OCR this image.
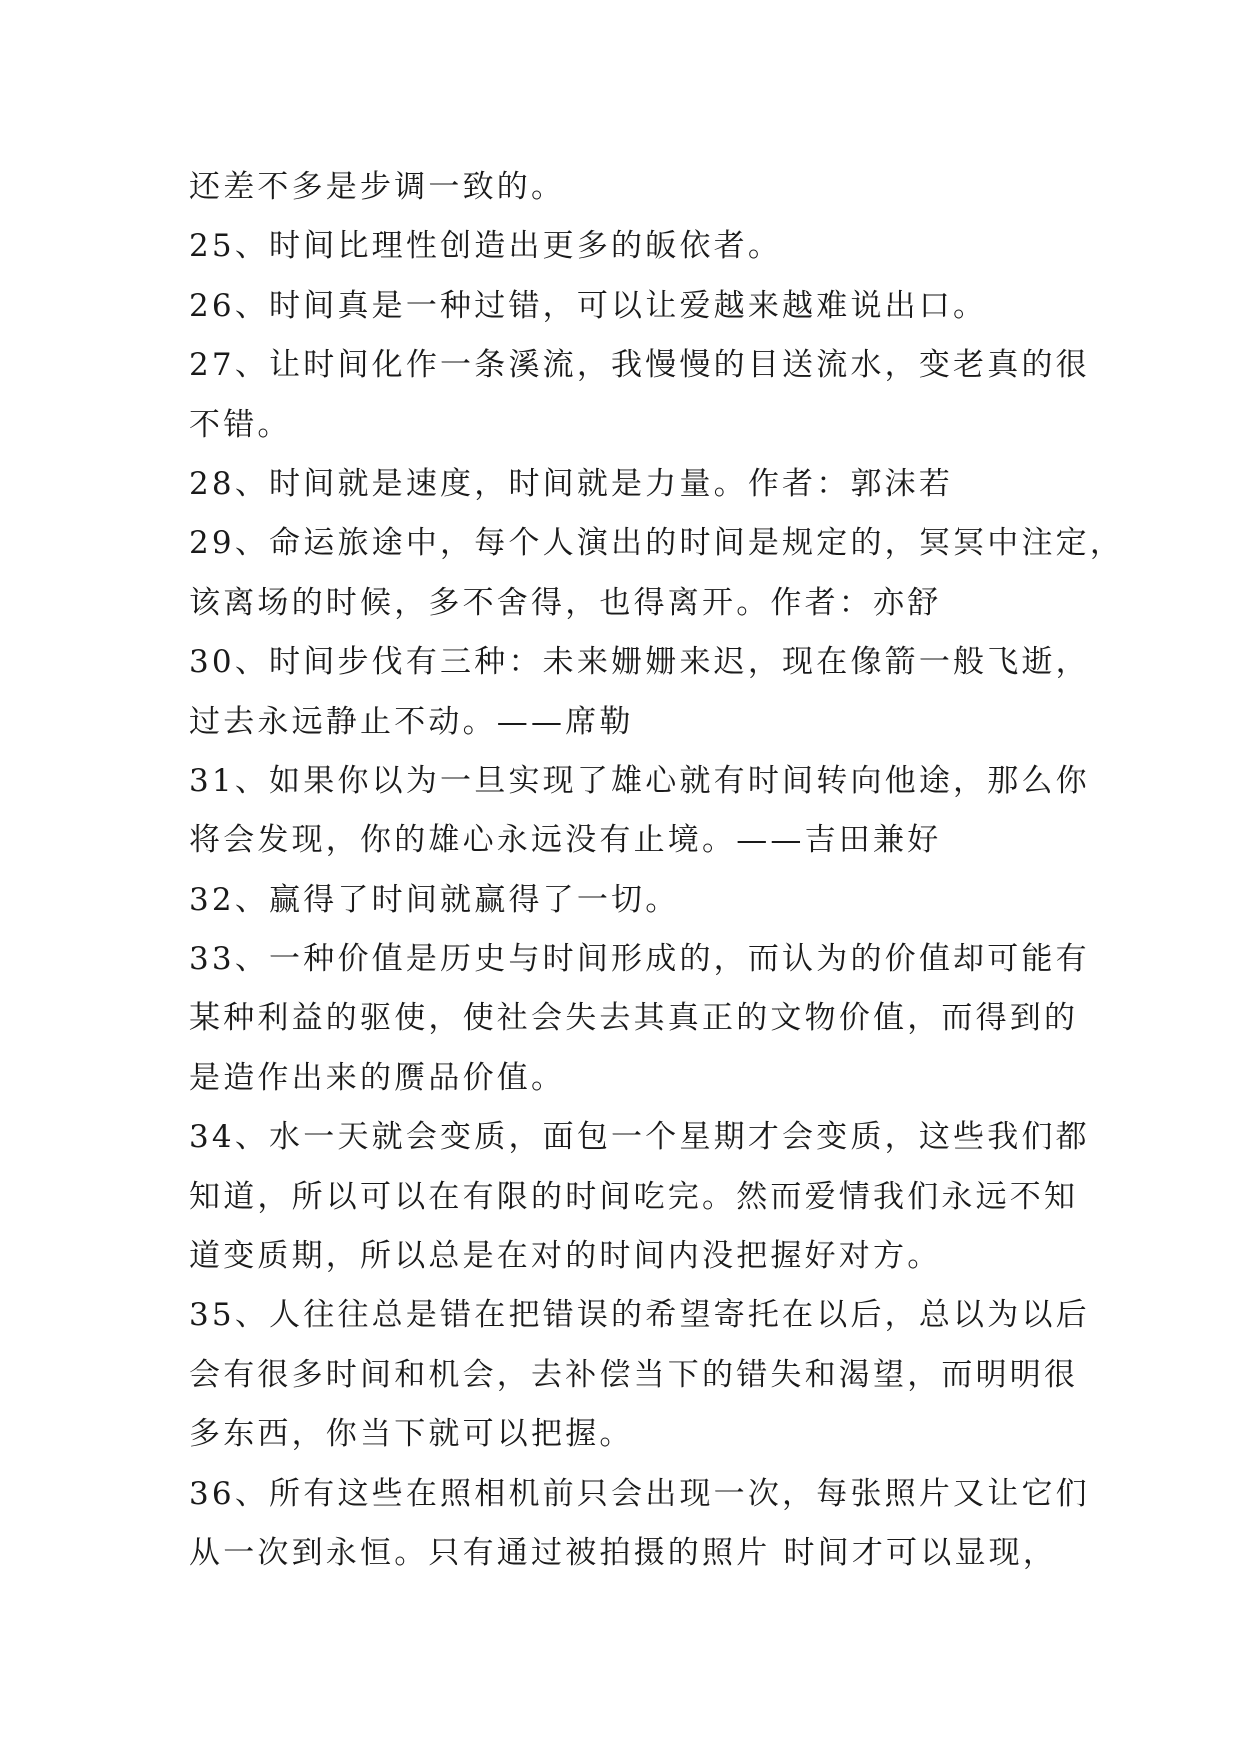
还差不多是步调一致的。
25、时间比理性创造出更多的皈依者。
26、时间真是一种过错，可以让爱越来越难说出口。
27、让时间化作一条溪流，我慢慢的目送流水，变老真的很
不错。
28、时间就是速度，时间就是力量。作者：郭沫若
29、命运旅途中，每个人演出的时间是规定的，冥冥中注定，
该离场的时候，多不舍得，也得离开。作者：亦舒
30、时间步伐有三种：未来姗姗来迟，现在像箭一般飞逝，
过去永远静止不动。——席勒
31、如果你以为一旦实现了雄心就有时间转向他途，那么你
将会发现，你的雄心永远没有止境。——吉田兼好
32、赢得了时间就赢得了一切。
33、一种价值是历史与时间形成的，而认为的价值却可能有
某种利益的驱使，使社会失去其真正的文物价值，而得到的
是造作出来的赝品价值。
34、水一天就会变质，面包一个星期才会变质，这些我们都
知道，所以可以在有限的时间吃完。然而爱情我们永远不知
道变质期，所以总是在对的时间内没把握好对方。
35、人往往总是错在把错误的希望寄托在以后，总以为以后
会有很多时间和机会，去补偿当下的错失和渴望，而明明很
多东西，你当下就可以把握。
36、所有这些在照相机前只会出现一次，每张照片又让它们
从一次到永恒。只有通过被拍摄的照片 时间才可以显现，
